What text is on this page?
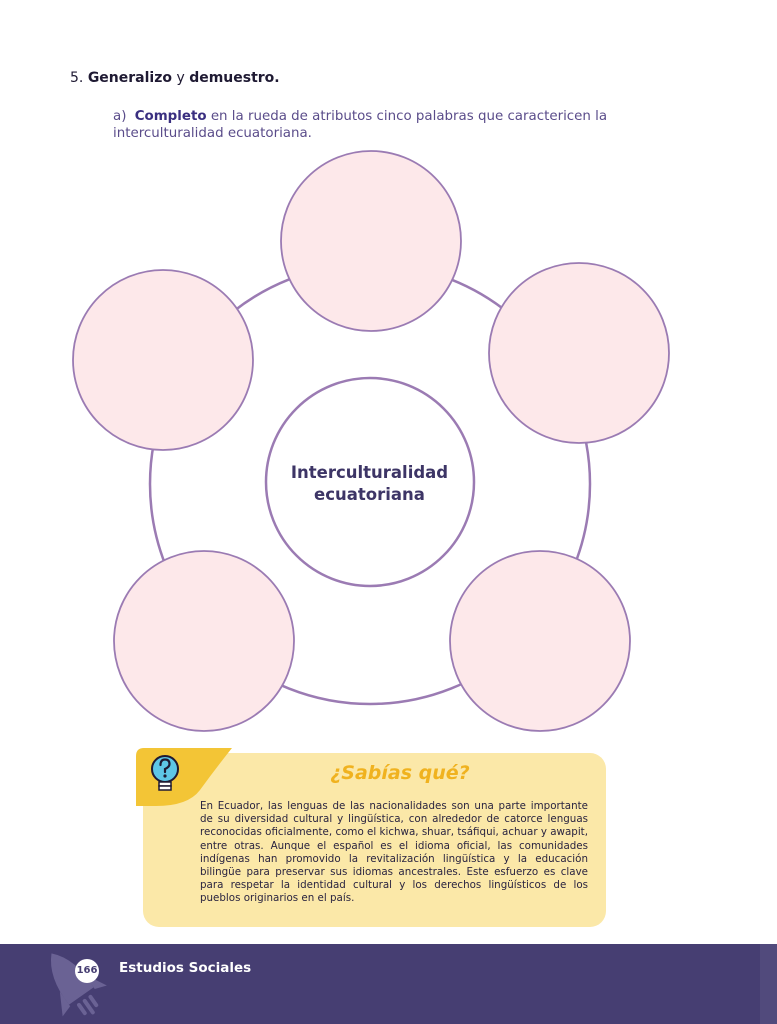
5. Generalizo y demuestro.
a) Completo en la rueda de atributos cinco palabras que caractericen la interculturalidad ecuatoriana.
Interculturalidad
ecuatoriana
¿Sabías qué?
En Ecuador, las lenguas de las nacionalidades son una parte importante de su diversidad cultural y lingüística, con alrededor de catorce lenguas reconocidas oficialmente, como el kichwa, shuar, tsáfiqui, achuar y awapit, entre otras. Aunque el español es el idioma oficial, las comunidades indígenas han promovido la revitalización lingüística y la educación bilingüe para preservar sus idiomas ancestrales. Este esfuerzo es clave para respetar la identidad cultural y los derechos lingüísticos de los pueblos originarios en el país.
166 Estudios Sociales
